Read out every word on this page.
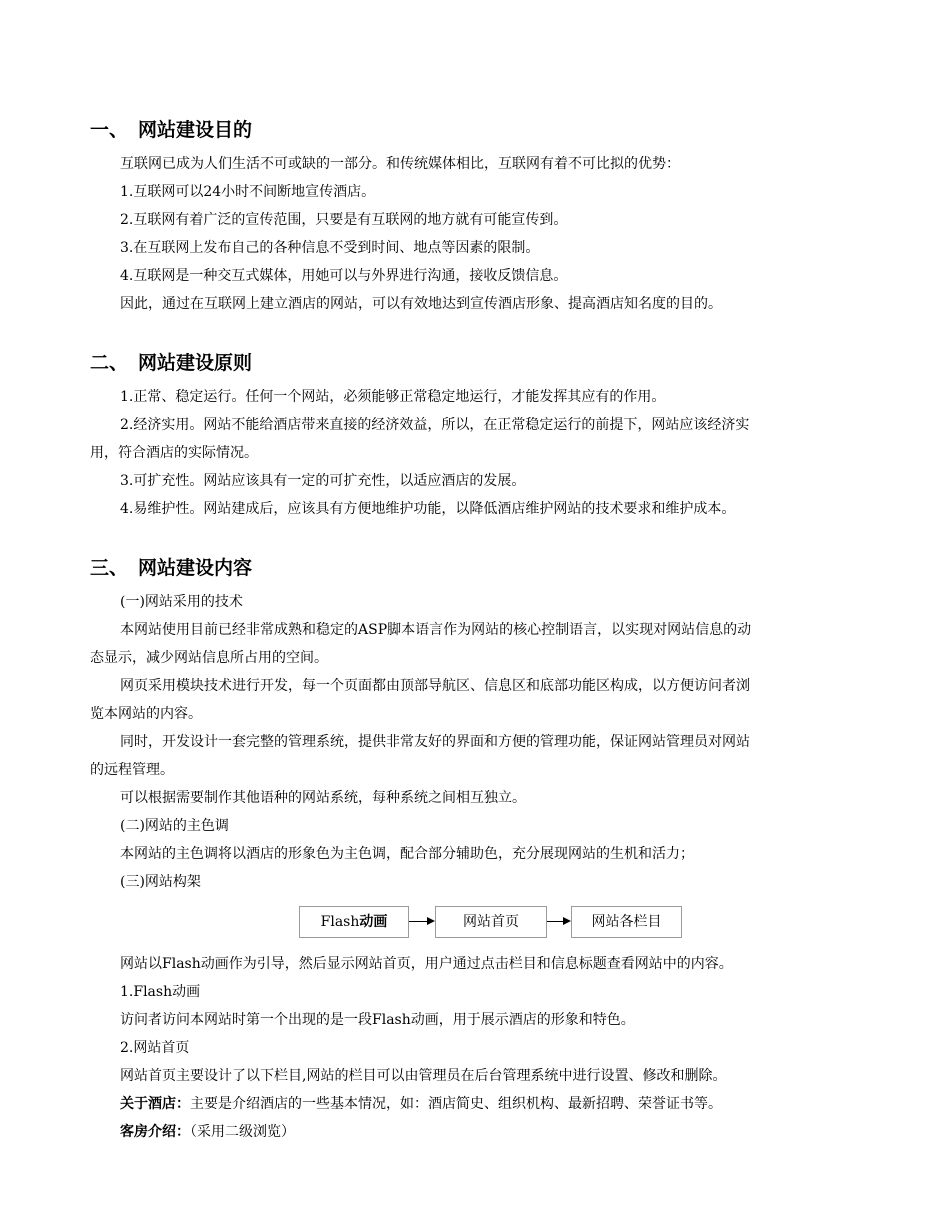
一、 网站建设目的
互联网已成为人们生活不可或缺的一部分。和传统媒体相比，互联网有着不可比拟的优势：
1.互联网可以24小时不间断地宣传酒店。
2.互联网有着广泛的宣传范围，只要是有互联网的地方就有可能宣传到。
3.在互联网上发布自己的各种信息不受到时间、地点等因素的限制。
4.互联网是一种交互式媒体，用她可以与外界进行沟通，接收反馈信息。
因此，通过在互联网上建立酒店的网站，可以有效地达到宣传酒店形象、提高酒店知名度的目的。
二、 网站建设原则
1.正常、稳定运行。任何一个网站，必须能够正常稳定地运行，才能发挥其应有的作用。
2.经济实用。网站不能给酒店带来直接的经济效益，所以，在正常稳定运行的前提下，网站应该经济实
用，符合酒店的实际情况。
3.可扩充性。网站应该具有一定的可扩充性，以适应酒店的发展。
4.易维护性。网站建成后，应该具有方便地维护功能，以降低酒店维护网站的技术要求和维护成本。
三、 网站建设内容
(一)网站采用的技术
本网站使用目前已经非常成熟和稳定的ASP脚本语言作为网站的核心控制语言，以实现对网站信息的动
态显示，减少网站信息所占用的空间。
网页采用模块技术进行开发，每一个页面都由顶部导航区、信息区和底部功能区构成，以方便访问者浏
览本网站的内容。
同时，开发设计一套完整的管理系统，提供非常友好的界面和方便的管理功能，保证网站管理员对网站
的远程管理。
可以根据需要制作其他语种的网站系统，每种系统之间相互独立。
(二)网站的主色调
本网站的主色调将以酒店的形象色为主色调，配合部分辅助色，充分展现网站的生机和活力；
(三)网站构架
Flash动画	网站首页	网站各栏目
网站以Flash动画作为引导，然后显示网站首页，用户通过点击栏目和信息标题查看网站中的内容。
1.Flash动画
访问者访问本网站时第一个出现的是一段Flash动画，用于展示酒店的形象和特色。
2.网站首页
网站首页主要设计了以下栏目,网站的栏目可以由管理员在后台管理系统中进行设置、修改和删除。
关于酒店：主要是介绍酒店的一些基本情况，如：酒店简史、组织机构、最新招聘、荣誉证书等。
客房介绍：（采用二级浏览）
